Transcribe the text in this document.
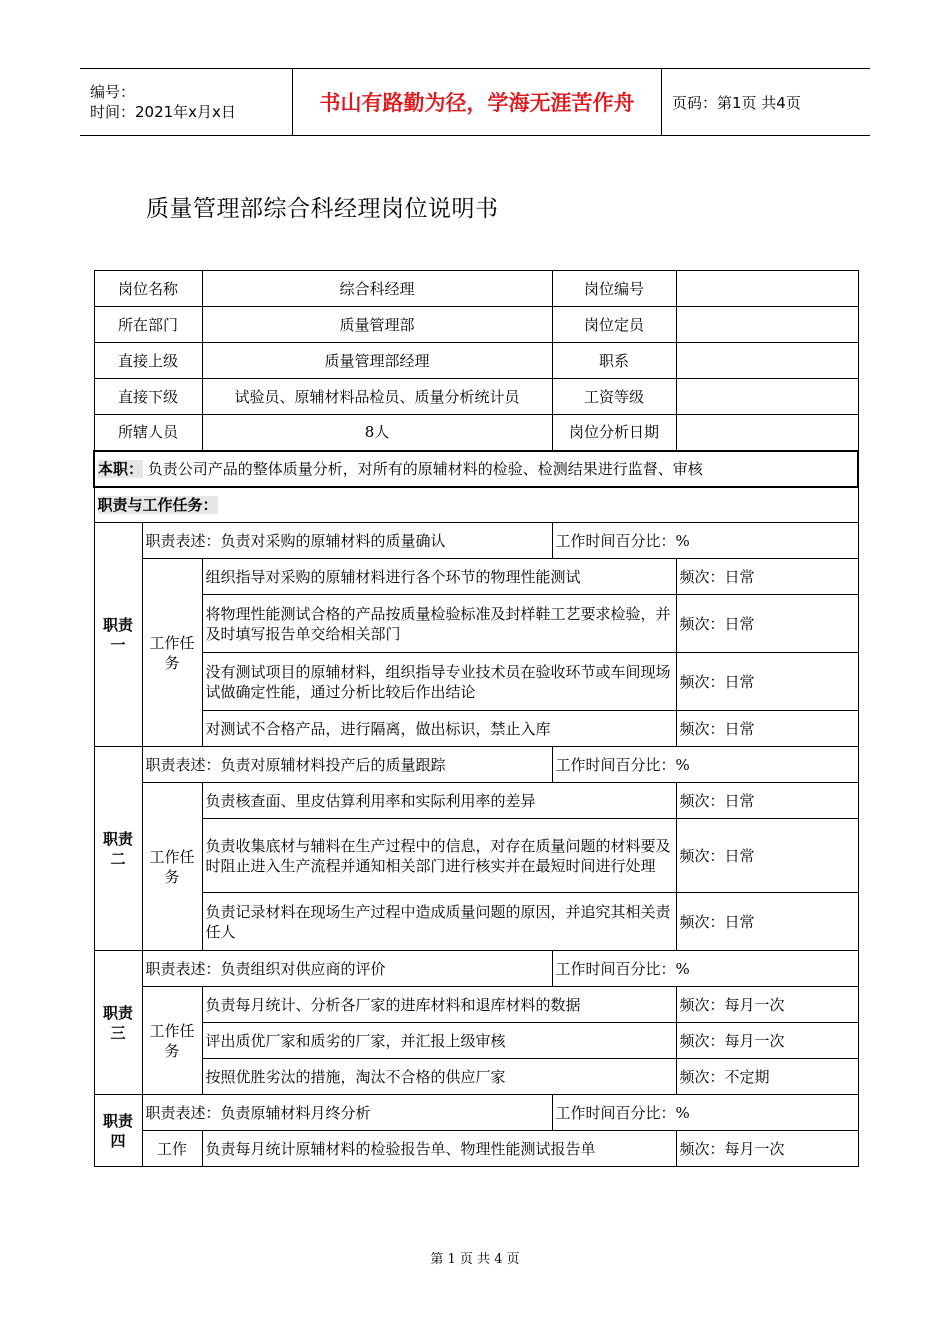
编号：
时间：2021年x月x日	书山有路勤为径，学海无涯苦作舟	页码：第1页 共4页
质量管理部综合科经理岗位说明书
岗位名称		综合科经理	岗位编号	
所在部门		质量管理部	岗位定员	
直接上级		质量管理部经理	职系	
直接下级		试验员、原辅材料品检员、质量分析统计员	工资等级	
所辖人员		8人	岗位分析日期	
本职： 负责公司产品的整体质量分析，对所有的原辅材料的检验、检测结果进行监督、审核				
职责与工作任务：				
职责一	职责表述：负责对采购的原辅材料的质量确认		工作时间百分比：%	
	工作任务	组织指导对采购的原辅材料进行各个环节的物理性能测试		频次：日常
		将物理性能测试合格的产品按质量检验标准及封样鞋工艺要求检验，并及时填写报告单交给相关部门		频次：日常
		没有测试项目的原辅材料，组织指导专业技术员在验收环节或车间现场试做确定性能，通过分析比较后作出结论		频次：日常
		对测试不合格产品，进行隔离，做出标识，禁止入库		频次：日常
职责二	职责表述：负责对原辅材料投产后的质量跟踪		工作时间百分比：%	
	工作任务	负责核查面、里皮估算利用率和实际利用率的差异		频次：日常
		负责收集底材与辅料在生产过程中的信息，对存在质量问题的材料要及时阻止进入生产流程并通知相关部门进行核实并在最短时间进行处理		频次：日常
		负责记录材料在现场生产过程中造成质量问题的原因，并追究其相关责任人		频次：日常
职责三	职责表述：负责组织对供应商的评价		工作时间百分比：%	
	工作任务	负责每月统计、分析各厂家的进库材料和退库材料的数据		频次：每月一次
		评出质优厂家和质劣的厂家，并汇报上级审核		频次：每月一次
		按照优胜劣汰的措施，淘汰不合格的供应厂家		频次：不定期
职责四	职责表述：负责原辅材料月终分析		工作时间百分比：%	
	工作	负责每月统计原辅材料的检验报告单、物理性能测试报告单		频次：每月一次
第 1 页 共 4 页
